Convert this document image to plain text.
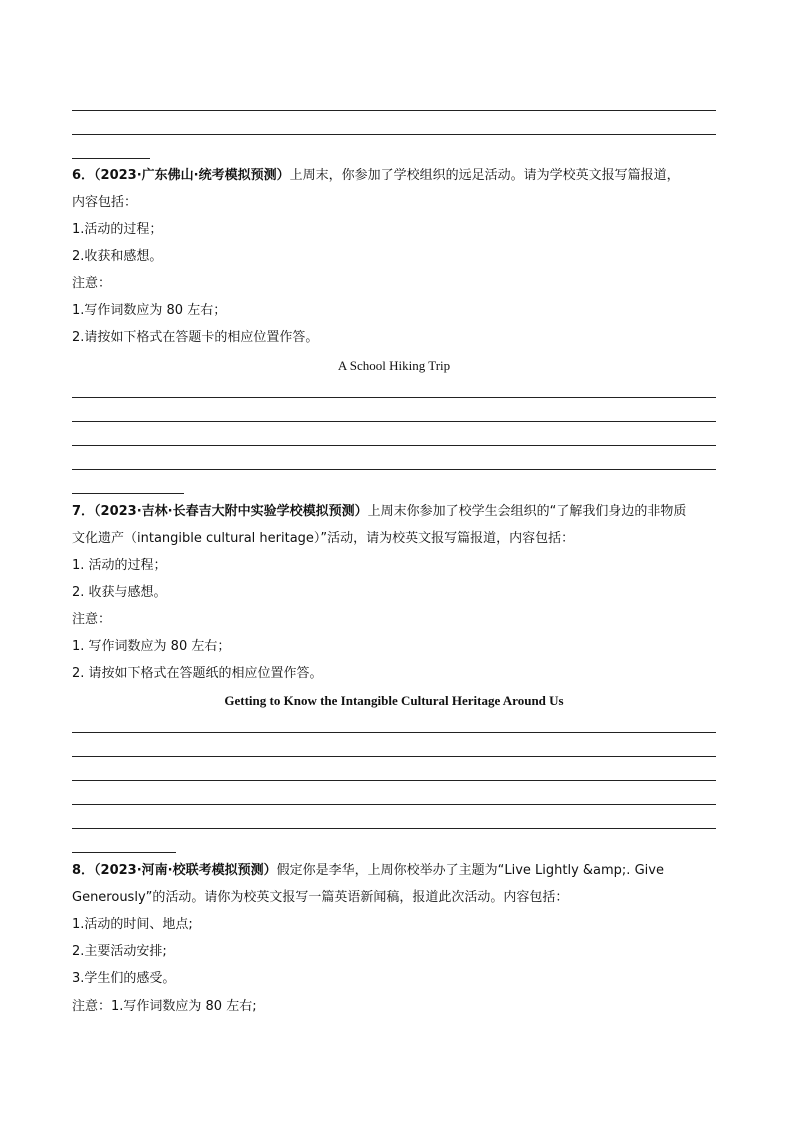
6．（2023·广东佛山·统考模拟预测）上周末，你参加了学校组织的远足活动。请为学校英文报写篇报道，
内容包括：
1.活动的过程；
2.收获和感想。
注意：
1.写作词数应为 80 左右；
2.请按如下格式在答题卡的相应位置作答。
A School Hiking Trip
7．（2023·吉林·长春吉大附中实验学校模拟预测）上周末你参加了校学生会组织的“了解我们身边的非物质
文化遗产（intangible cultural heritage）”活动，请为校英文报写篇报道，内容包括：
1. 活动的过程；
2. 收获与感想。
注意：
1. 写作词数应为 80 左右；
2. 请按如下格式在答题纸的相应位置作答。
Getting to Know the Intangible Cultural Heritage Around Us
8．（2023·河南·校联考模拟预测）假定你是李华，上周你校举办了主题为“Live Lightly &amp;. Give
Generously”的活动。请你为校英文报写一篇英语新闻稿，报道此次活动。内容包括：
1.活动的时间、地点;
2.主要活动安排;
3.学生们的感受。
注意：1.写作词数应为 80 左右;
